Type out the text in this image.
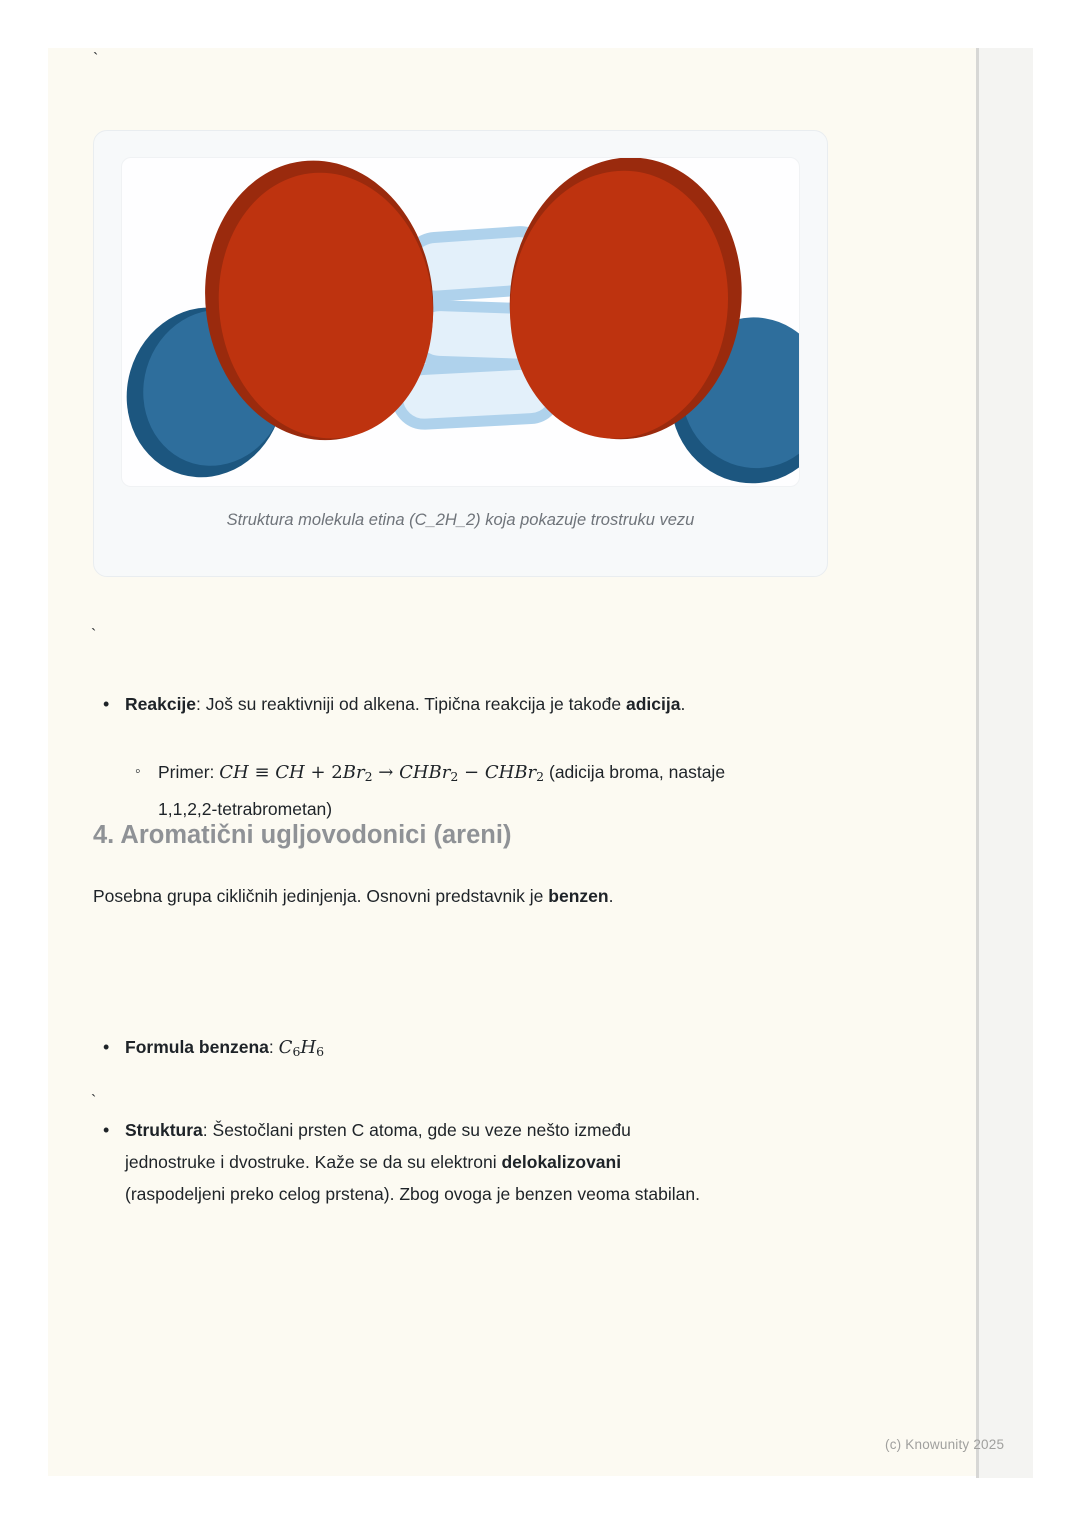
`
Struktura molekula etina (C_2H_2) koja pokazuje trostruku vezu
`
• Reakcije: Još su reaktivniji od alkena. Tipična reakcija je takođe adicija.
◦ Primer: CH ≡ CH + 2Br2 → CHBr2 − CHBr2 (adicija broma, nastaje
1,1,2,2-tetrabrometan)
4. Aromatični ugljovodonici (areni)
Posebna grupa cikličnih jedinjenja. Osnovni predstavnik je benzen.
• Formula benzena: C6H6
• Struktura: Šestočlani prsten C atoma, gde su veze nešto između
jednostruke i dvostruke. Kaže se da su elektroni delokalizovani
(raspodeljeni preko celog prstena). Zbog ovoga je benzen veoma stabilan.
`
(c) Knowunity 2025
